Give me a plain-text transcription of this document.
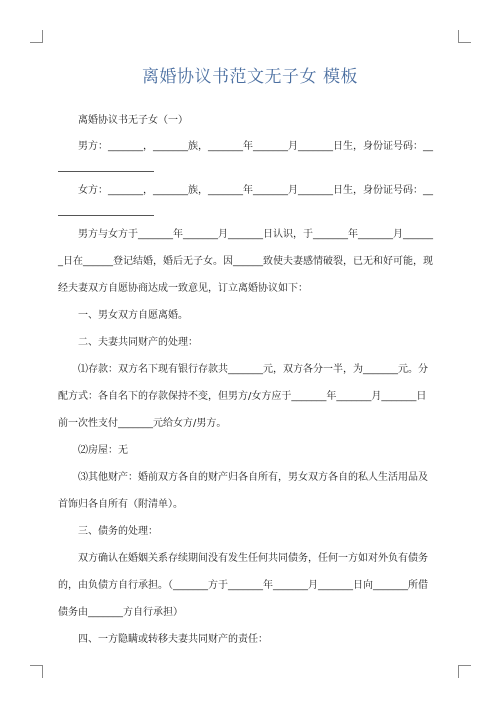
离婚协议书范文无子女 模板

离婚协议书无子女（一）

男方：_______，_______族，_______年_______月_______日生，身份证号码：__

女方：_______，_______族，_______年_______月_______日生，身份证号码：__

男方与女方于_______年_______月_______日认识，于_______年_______月______

_日在______登记结婚，婚后无子女。因______致使夫妻感情破裂，已无和好可能，现

经夫妻双方自愿协商达成一致意见，订立离婚协议如下：

一、男女双方自愿离婚。

二、夫妻共同财产的处理：

⑴存款：双方名下现有银行存款共_______元，双方各分一半，为_______元。分

配方式：各自名下的存款保持不变，但男方/女方应于_______年_______月_______日

前一次性支付_______元给女方/男方。

⑵房屋：无

⑶其他财产：婚前双方各自的财产归各自所有，男女双方各自的私人生活用品及

首饰归各自所有（附清单）。

三、债务的处理：

双方确认在婚姻关系存续期间没有发生任何共同债务，任何一方如对外负有债务

的，由负债方自行承担。（_______方于_______年_______月_______日向_______所借

债务由_______方自行承担）

四、一方隐瞒或转移夫妻共同财产的责任：
